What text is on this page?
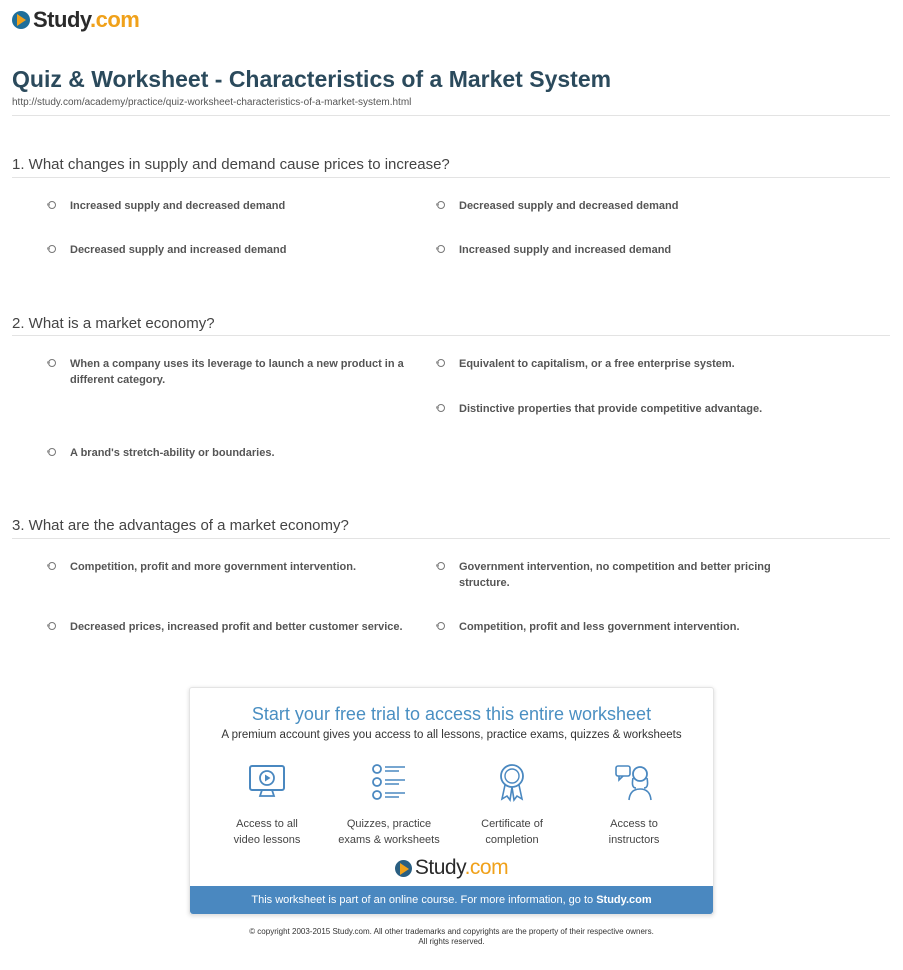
Study.com
Quiz & Worksheet - Characteristics of a Market System
http://study.com/academy/practice/quiz-worksheet-characteristics-of-a-market-system.html
1. What changes in supply and demand cause prices to increase?
Increased supply and decreased demand	Decreased supply and decreased demand
Decreased supply and increased demand	Increased supply and increased demand
2. What is a market economy?
When a company uses its leverage to launch a new product in a different category.
Equivalent to capitalism, or a free enterprise system.
Distinctive properties that provide competitive advantage.
A brand's stretch-ability or boundaries.
3. What are the advantages of a market economy?
Competition, profit and more government intervention.	Government intervention, no competition and better pricing structure.
Decreased prices, increased profit and better customer service.	Competition, profit and less government intervention.
Start your free trial to access this entire worksheet
A premium account gives you access to all lessons, practice exams, quizzes & worksheets
Access to all
video lessons
Quizzes, practice
exams & worksheets
Certificate of
completion
Access to
instructors
Study.com
This worksheet is part of an online course. For more information, go to Study.com
© copyright 2003-2015 Study.com. All other trademarks and copyrights are the property of their respective owners.
All rights reserved.
